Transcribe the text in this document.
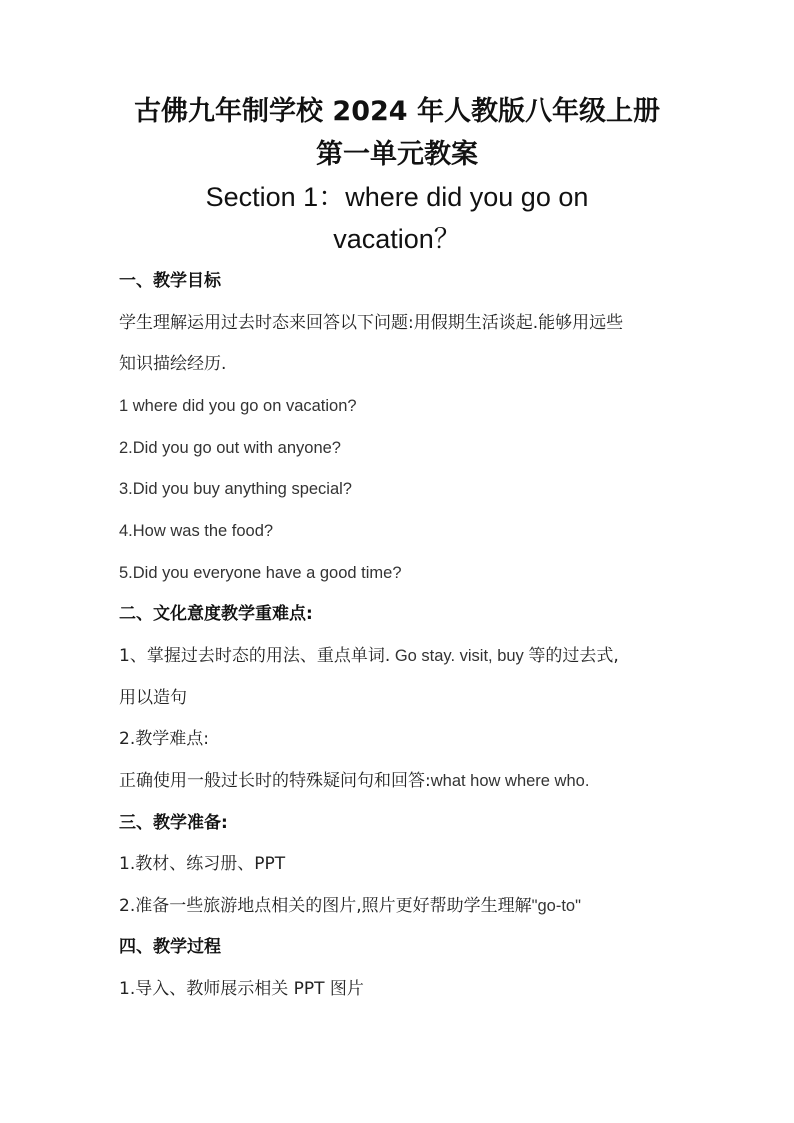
古佛九年制学校 2024 年人教版八年级上册
第一单元教案
Section 1：where did you go on
vacation？
一、教学目标
学生理解运用过去时态来回答以下问题:用假期生活谈起.能够用远些
知识描绘经历.
1 where did you go on vacation?
2.Did you go out with anyone?
3.Did you buy anything special?
4.How was the food?
5.Did you everyone have a good time?
二、文化意度教学重难点:
1、掌握过去时态的用法、重点单词. Go stay. visit, buy 等的过去式,
用以造句
2.教学难点:
正确使用一般过长时的特殊疑问句和回答:what how where who.
三、教学准备:
1.教材、练习册、PPT
2.准备一些旅游地点相关的图片,照片更好帮助学生理解"go-to"
四、教学过程
1.导入、教师展示相关 PPT 图片
